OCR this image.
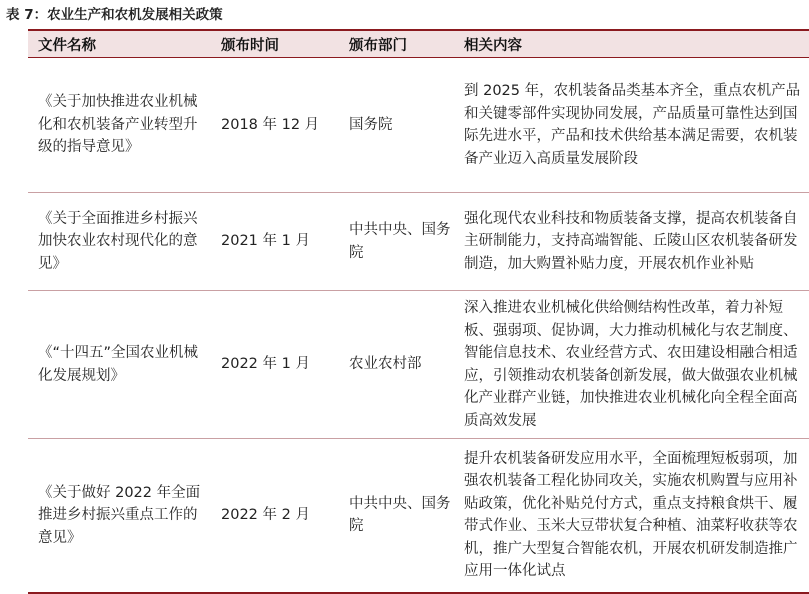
表 7：农业生产和农机发展相关政策
文件名称	颁布时间	颁布部门	相关内容
《关于加快推进农业机械化和农机装备产业转型升级的指导意见》	2018 年 12 月	国务院	到 2025 年，农机装备品类基本齐全，重点农机产品和关键零部件实现协同发展，产品质量可靠性达到国际先进水平，产品和技术供给基本满足需要，农机装备产业迈入高质量发展阶段
《关于全面推进乡村振兴加快农业农村现代化的意见》	2021 年 1 月	中共中央、国务院	强化现代农业科技和物质装备支撑，提高农机装备自主研制能力，支持高端智能、丘陵山区农机装备研发制造，加大购置补贴力度，开展农机作业补贴
《“十四五”全国农业机械化发展规划》	2022 年 1 月	农业农村部	深入推进农业机械化供给侧结构性改革，着力补短板、强弱项、促协调，大力推动机械化与农艺制度、智能信息技术、农业经营方式、农田建设相融合相适应，引领推动农机装备创新发展，做大做强农业机械化产业群产业链，加快推进农业机械化向全程全面高质高效发展
《关于做好 2022 年全面推进乡村振兴重点工作的意见》	2022 年 2 月	中共中央、国务院	提升农机装备研发应用水平，全面梳理短板弱项，加强农机装备工程化协同攻关，实施农机购置与应用补贴政策，优化补贴兑付方式，重点支持粮食烘干、履带式作业、玉米大豆带状复合种植、油菜籽收获等农机，推广大型复合智能农机，开展农机研发制造推广应用一体化试点
